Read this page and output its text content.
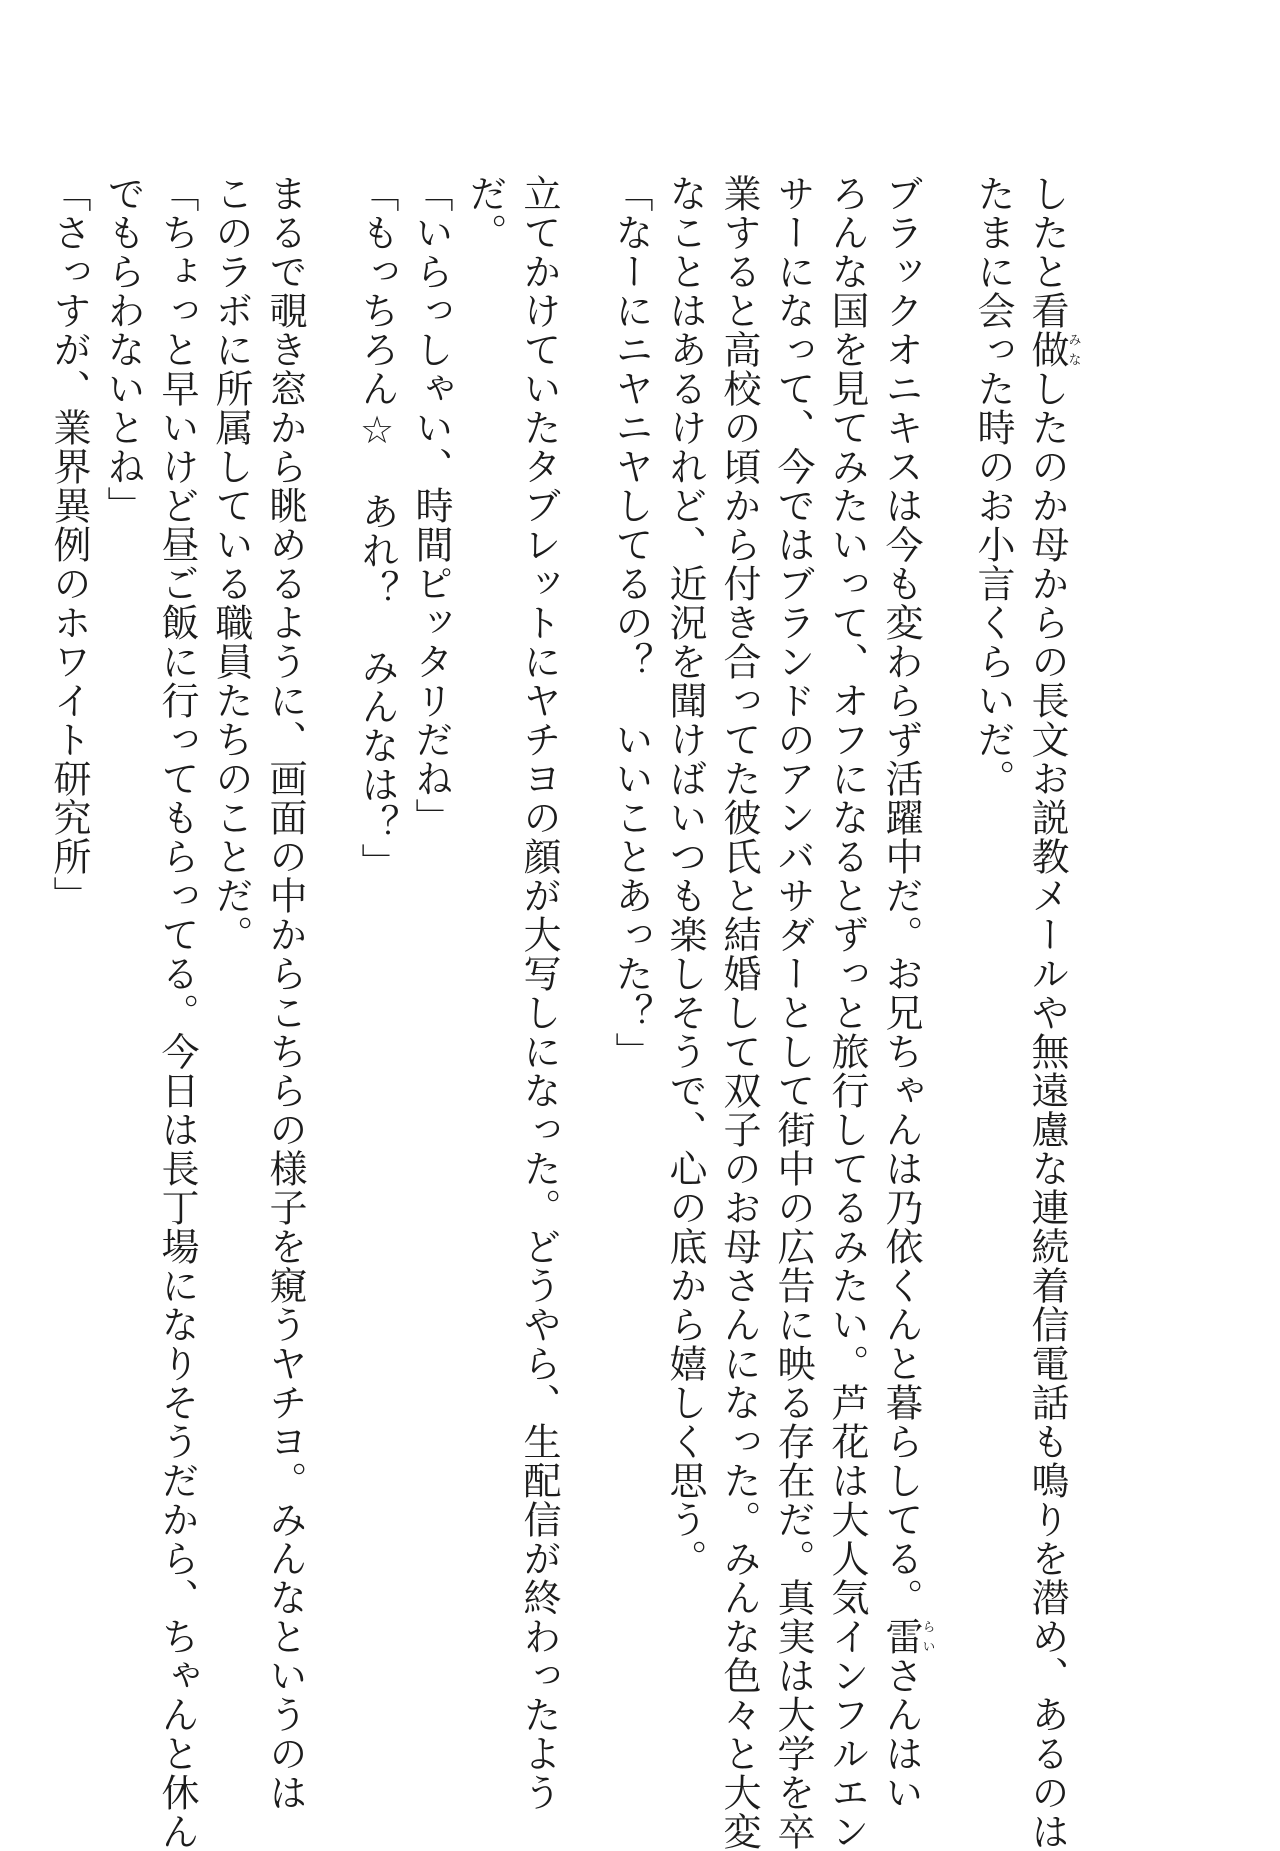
したと看做みなしたのか母からの長文お説教メールや無遠慮な連続着信電話も鳴りを潜め、あるのは
たまに会った時のお小言くらいだ。
ブラックオニキスは今も変わらず活躍中だ。お兄ちゃんは乃依くんと暮らしてる。雷らいさんはい
ろんな国を見てみたいって、オフになるとずっと旅行してるみたい。芦花は大人気インフルエン
サーになって、今ではブランドのアンバサダーとして街中の広告に映る存在だ。真実は大学を卒
業すると高校の頃から付き合ってた彼氏と結婚して双子のお母さんになった。みんな色々と大変
なことはあるけれど、近況を聞けばいつも楽しそうで、心の底から嬉しく思う。
「なーにニヤニヤしてるの？　いいことあった？」
立てかけていたタブレットにヤチヨの顔が大写しになった。どうやら、生配信が終わったよう
だ。
「いらっしゃい、時間ピッタリだね」
「もっちろん☆　あれ？　みんなは？」
まるで覗き窓から眺めるように、画面の中からこちらの様子を窺うヤチヨ。みんなというのは
このラボに所属している職員たちのことだ。
「ちょっと早いけど昼ご飯に行ってもらってる。今日は長丁場になりそうだから、ちゃんと休ん
でもらわないとね」
「さっすが、業界異例のホワイト研究所」
